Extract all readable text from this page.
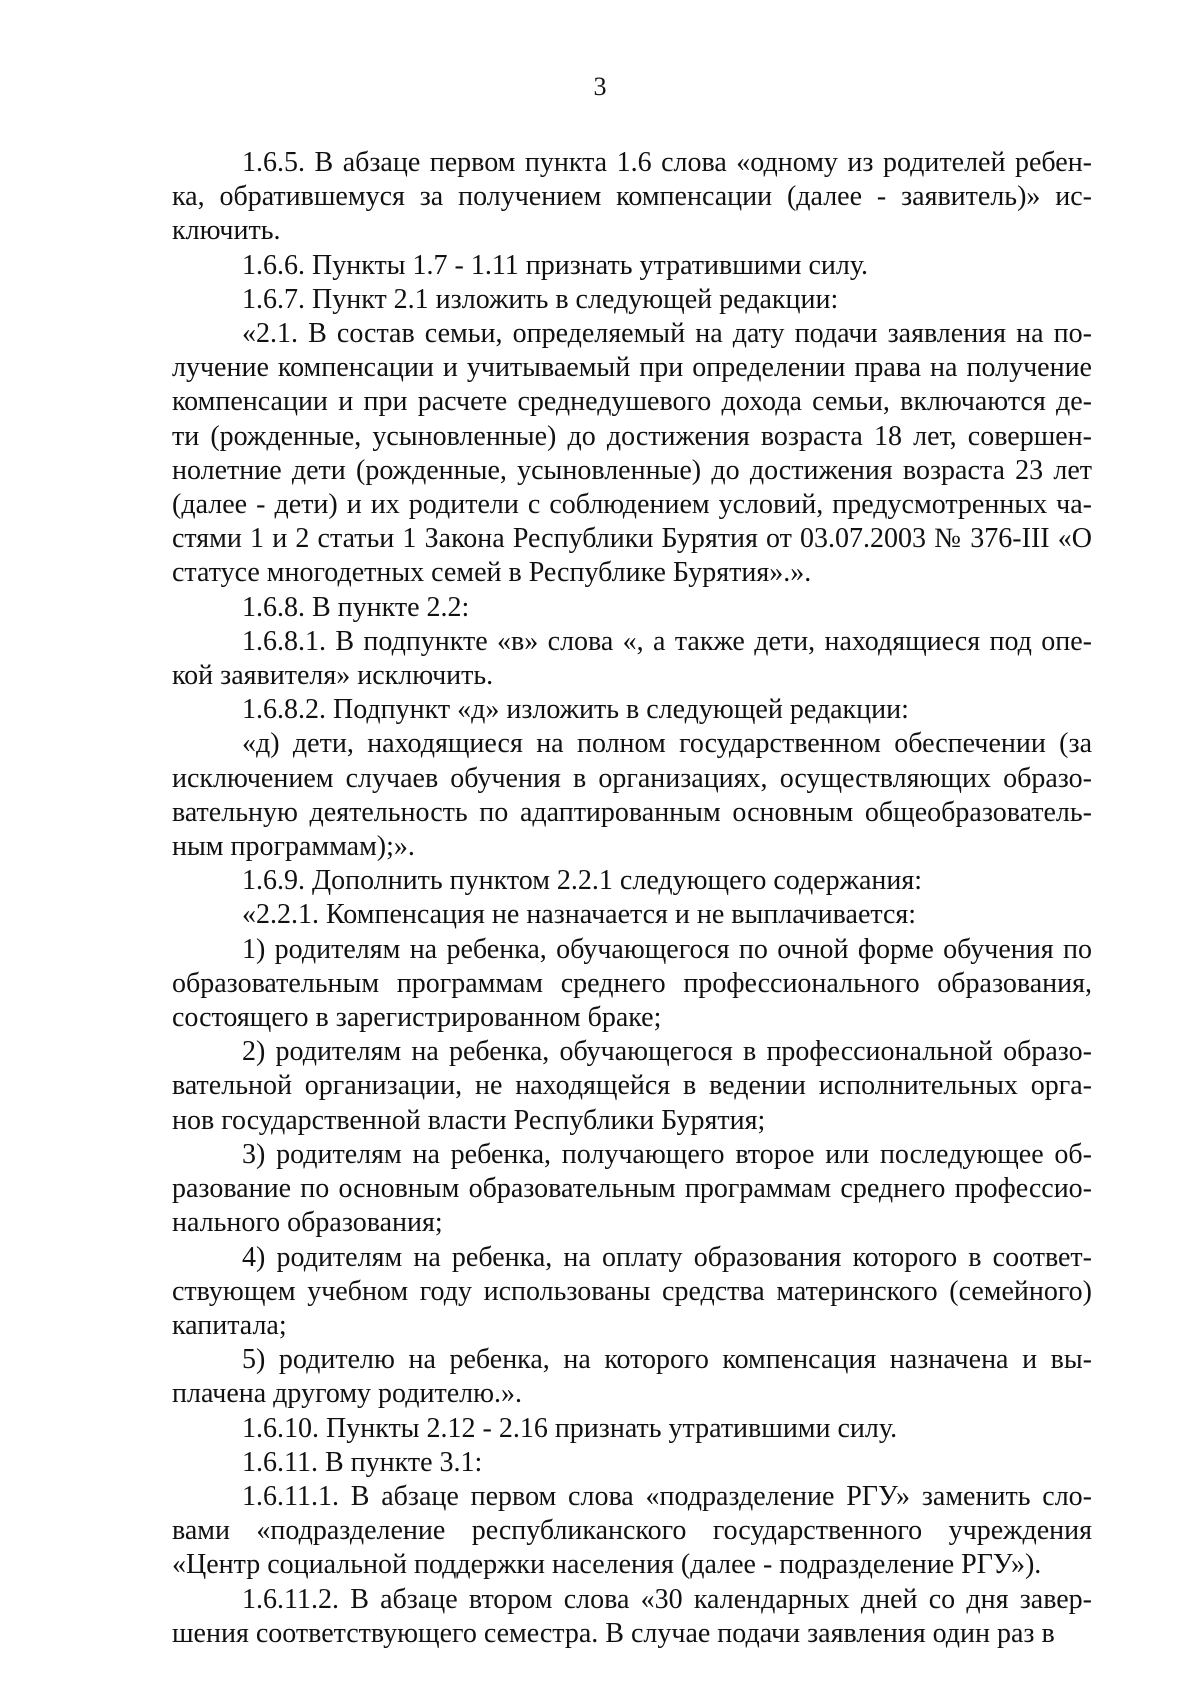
3

1.6.5. В абзаце первом пункта 1.6 слова «одному из родителей ребен-ка, обратившемуся за получением компенсации (далее - заявитель)» ис-ключить.

1.6.6. Пункты 1.7 - 1.11 признать утратившими силу.

1.6.7. Пункт 2.1 изложить в следующей редакции:

«2.1. В состав семьи, определяемый на дату подачи заявления на по-лучение компенсации и учитываемый при определении права на получение компенсации и при расчете среднедушевого дохода семьи, включаются де-ти (рожденные, усыновленные) до достижения возраста 18 лет, совершен-нолетние дети (рожденные, усыновленные) до достижения возраста 23 лет (далее - дети) и их родители с соблюдением условий, предусмотренных ча-стями 1 и 2 статьи 1 Закона Республики Бурятия от 03.07.2003 № 376-III «О статусе многодетных семей в Республике Бурятия».».

1.6.8. В пункте 2.2:

1.6.8.1. В подпункте «в» слова «, а также дети, находящиеся под опе-кой заявителя» исключить.

1.6.8.2. Подпункт «д» изложить в следующей редакции:

«д) дети, находящиеся на полном государственном обеспечении (за исключением случаев обучения в организациях, осуществляющих образо-вательную деятельность по адаптированным основным общеобразователь-ным программам);».

1.6.9. Дополнить пунктом 2.2.1 следующего содержания:

«2.2.1. Компенсация не назначается и не выплачивается:

1) родителям на ребенка, обучающегося по очной форме обучения по образовательным программам среднего профессионального образования, состоящего в зарегистрированном браке;

2) родителям на ребенка, обучающегося в профессиональной образо-вательной организации, не находящейся в ведении исполнительных орга-нов государственной власти Республики Бурятия;

3) родителям на ребенка, получающего второе или последующее об-разование по основным образовательным программам среднего профессио-нального образования;

4) родителям на ребенка, на оплату образования которого в соответ-ствующем учебном году использованы средства материнского (семейного) капитала;

5) родителю на ребенка, на которого компенсация назначена и вы-плачена другому родителю.».

1.6.10. Пункты 2.12 - 2.16 признать утратившими силу.

1.6.11. В пункте 3.1:

1.6.11.1. В абзаце первом слова «подразделение РГУ» заменить сло-вами «подразделение республиканского государственного учреждения «Центр социальной поддержки населения (далее - подразделение РГУ»).

1.6.11.2. В абзаце втором слова «30 календарных дней со дня завер-шения соответствующего семестра. В случае подачи заявления один раз в
